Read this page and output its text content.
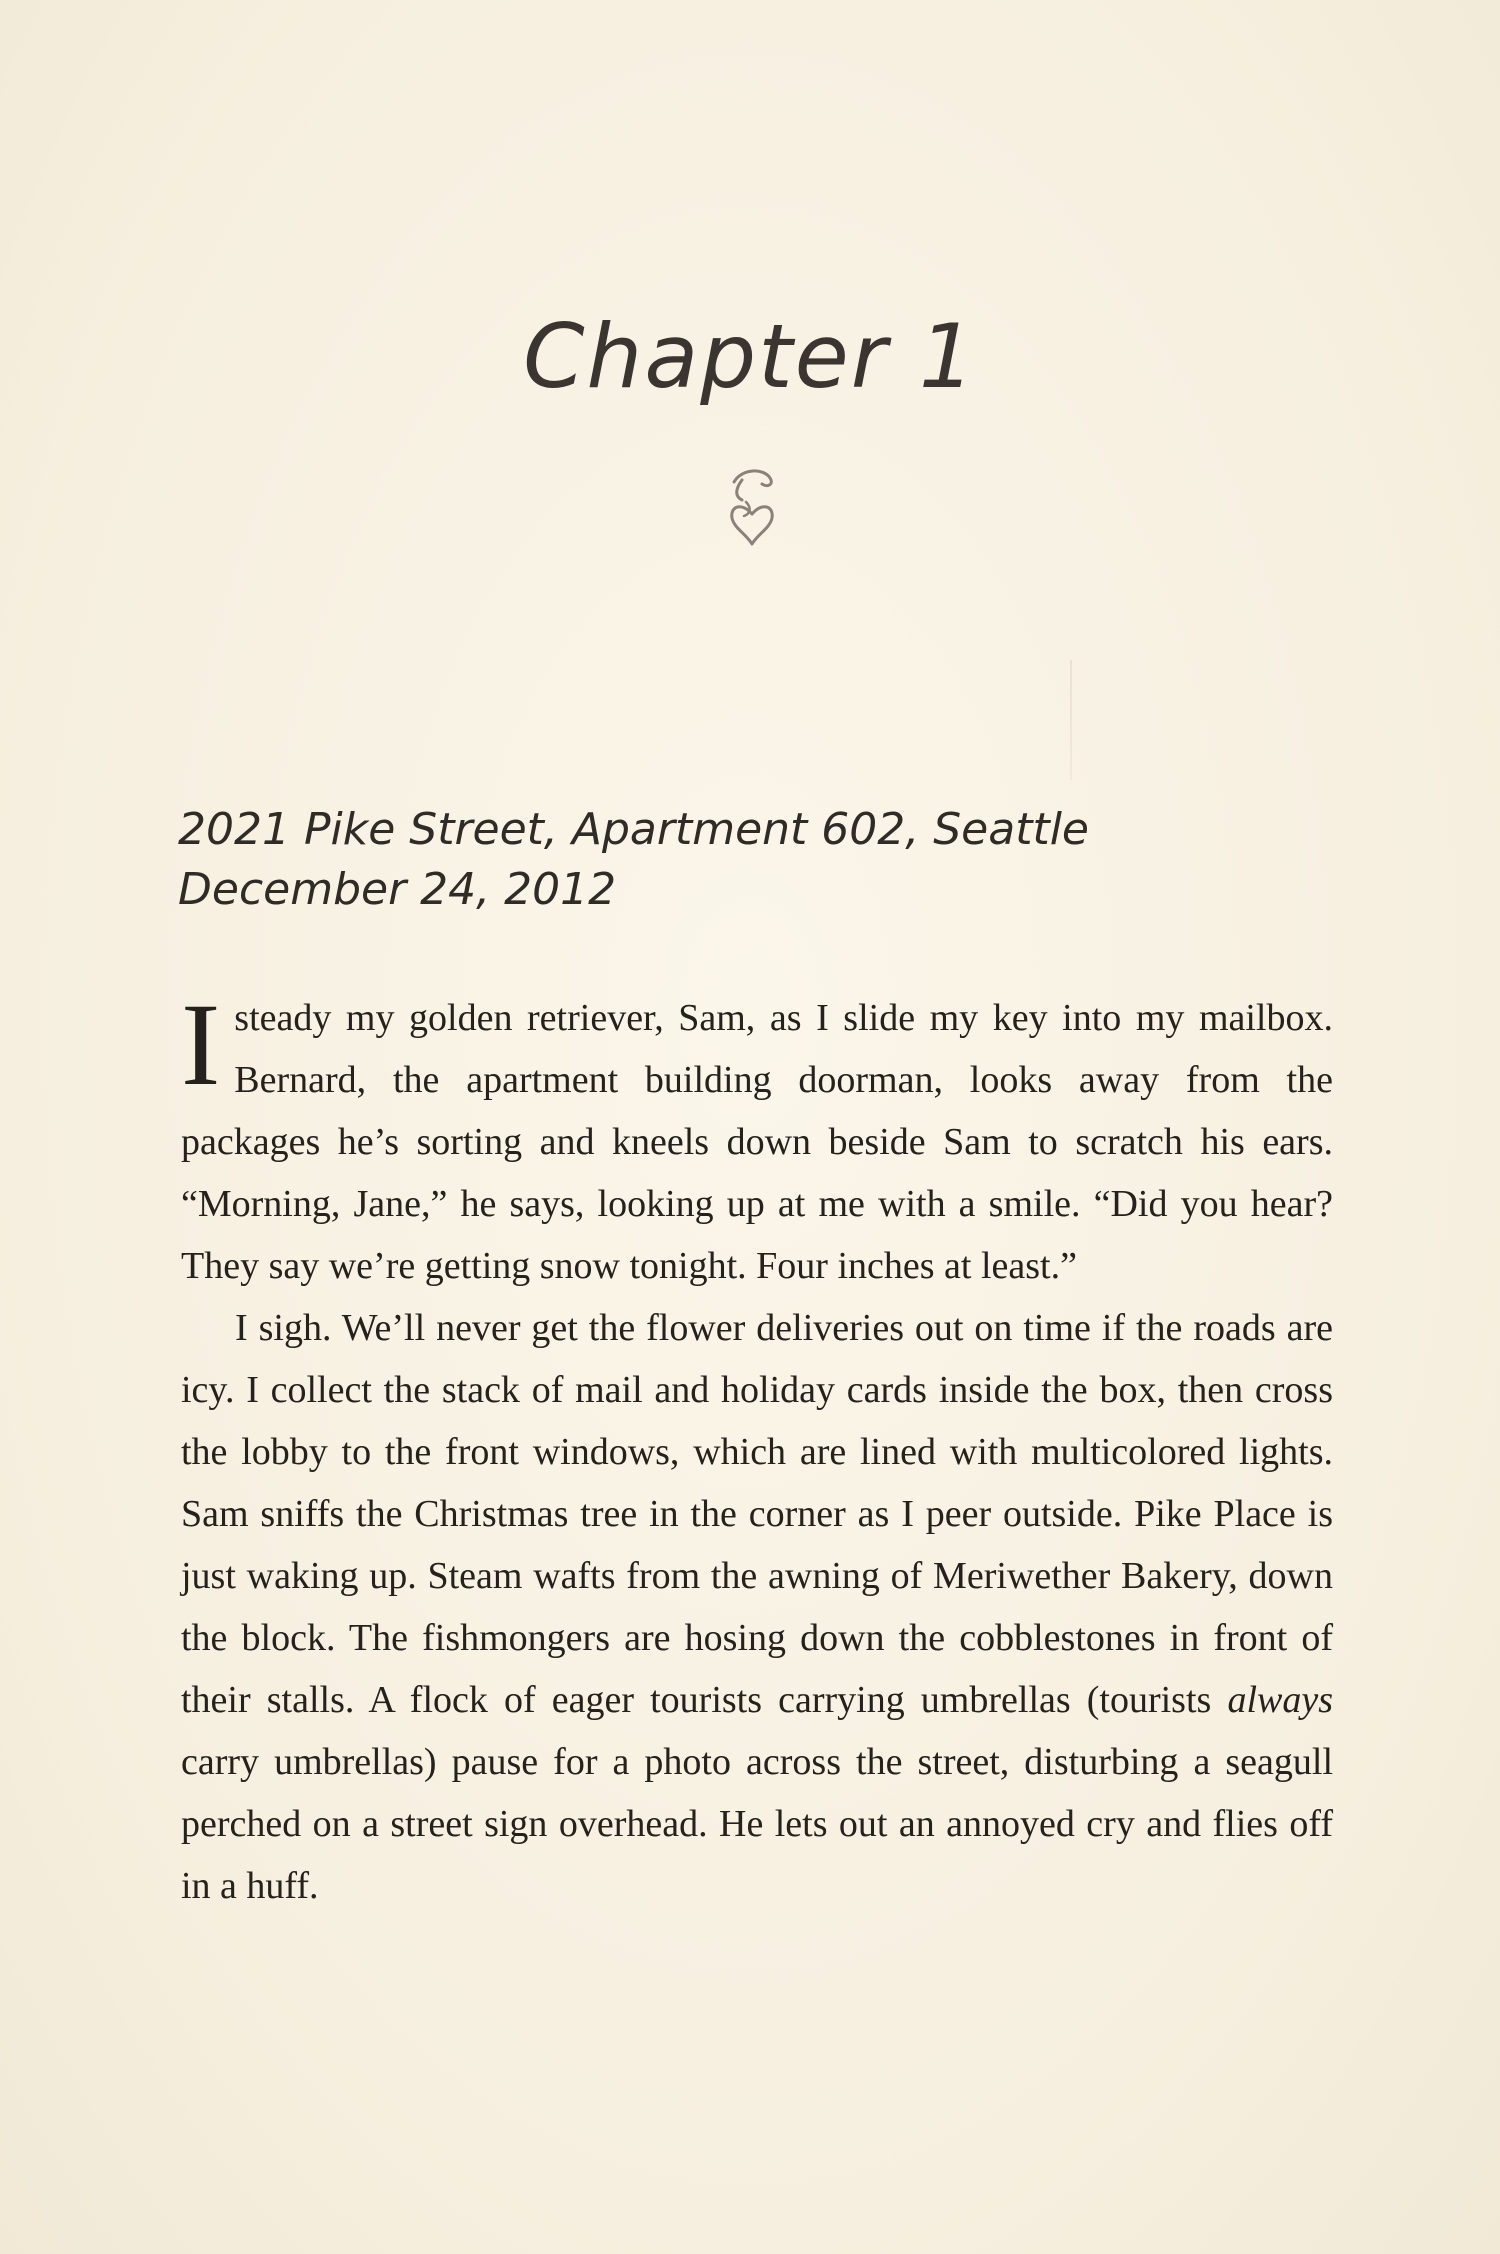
Chapter 1
2021 Pike Street, Apartment 602, Seattle
December 24, 2012

Isteady my golden retriever, Sam, as I slide my key into my mailbox. Bernard, the apartment building doorman, looks away from the packages he’s sorting and kneels down beside Sam to scratch his ears. “Morning, Jane,” he says, looking up at me with a smile. “Did you hear? They say we’re getting snow tonight. Four inches at least.”

I sigh. We’ll never get the flower deliveries out on time if the roads are icy. I collect the stack of mail and holiday cards inside the box, then cross the lobby to the front windows, which are lined with multicolored lights. Sam sniffs the Christmas tree in the corner as I peer outside. Pike Place is just waking up. Steam wafts from the awning of Meriwether Bakery, down the block. The fishmongers are hosing down the cobblestones in front of their stalls. A flock of eager tourists carrying umbrellas (tourists always carry umbrellas) pause for a photo across the street, disturbing a seagull perched on a street sign overhead. He lets out an annoyed cry and flies off in a huff.
